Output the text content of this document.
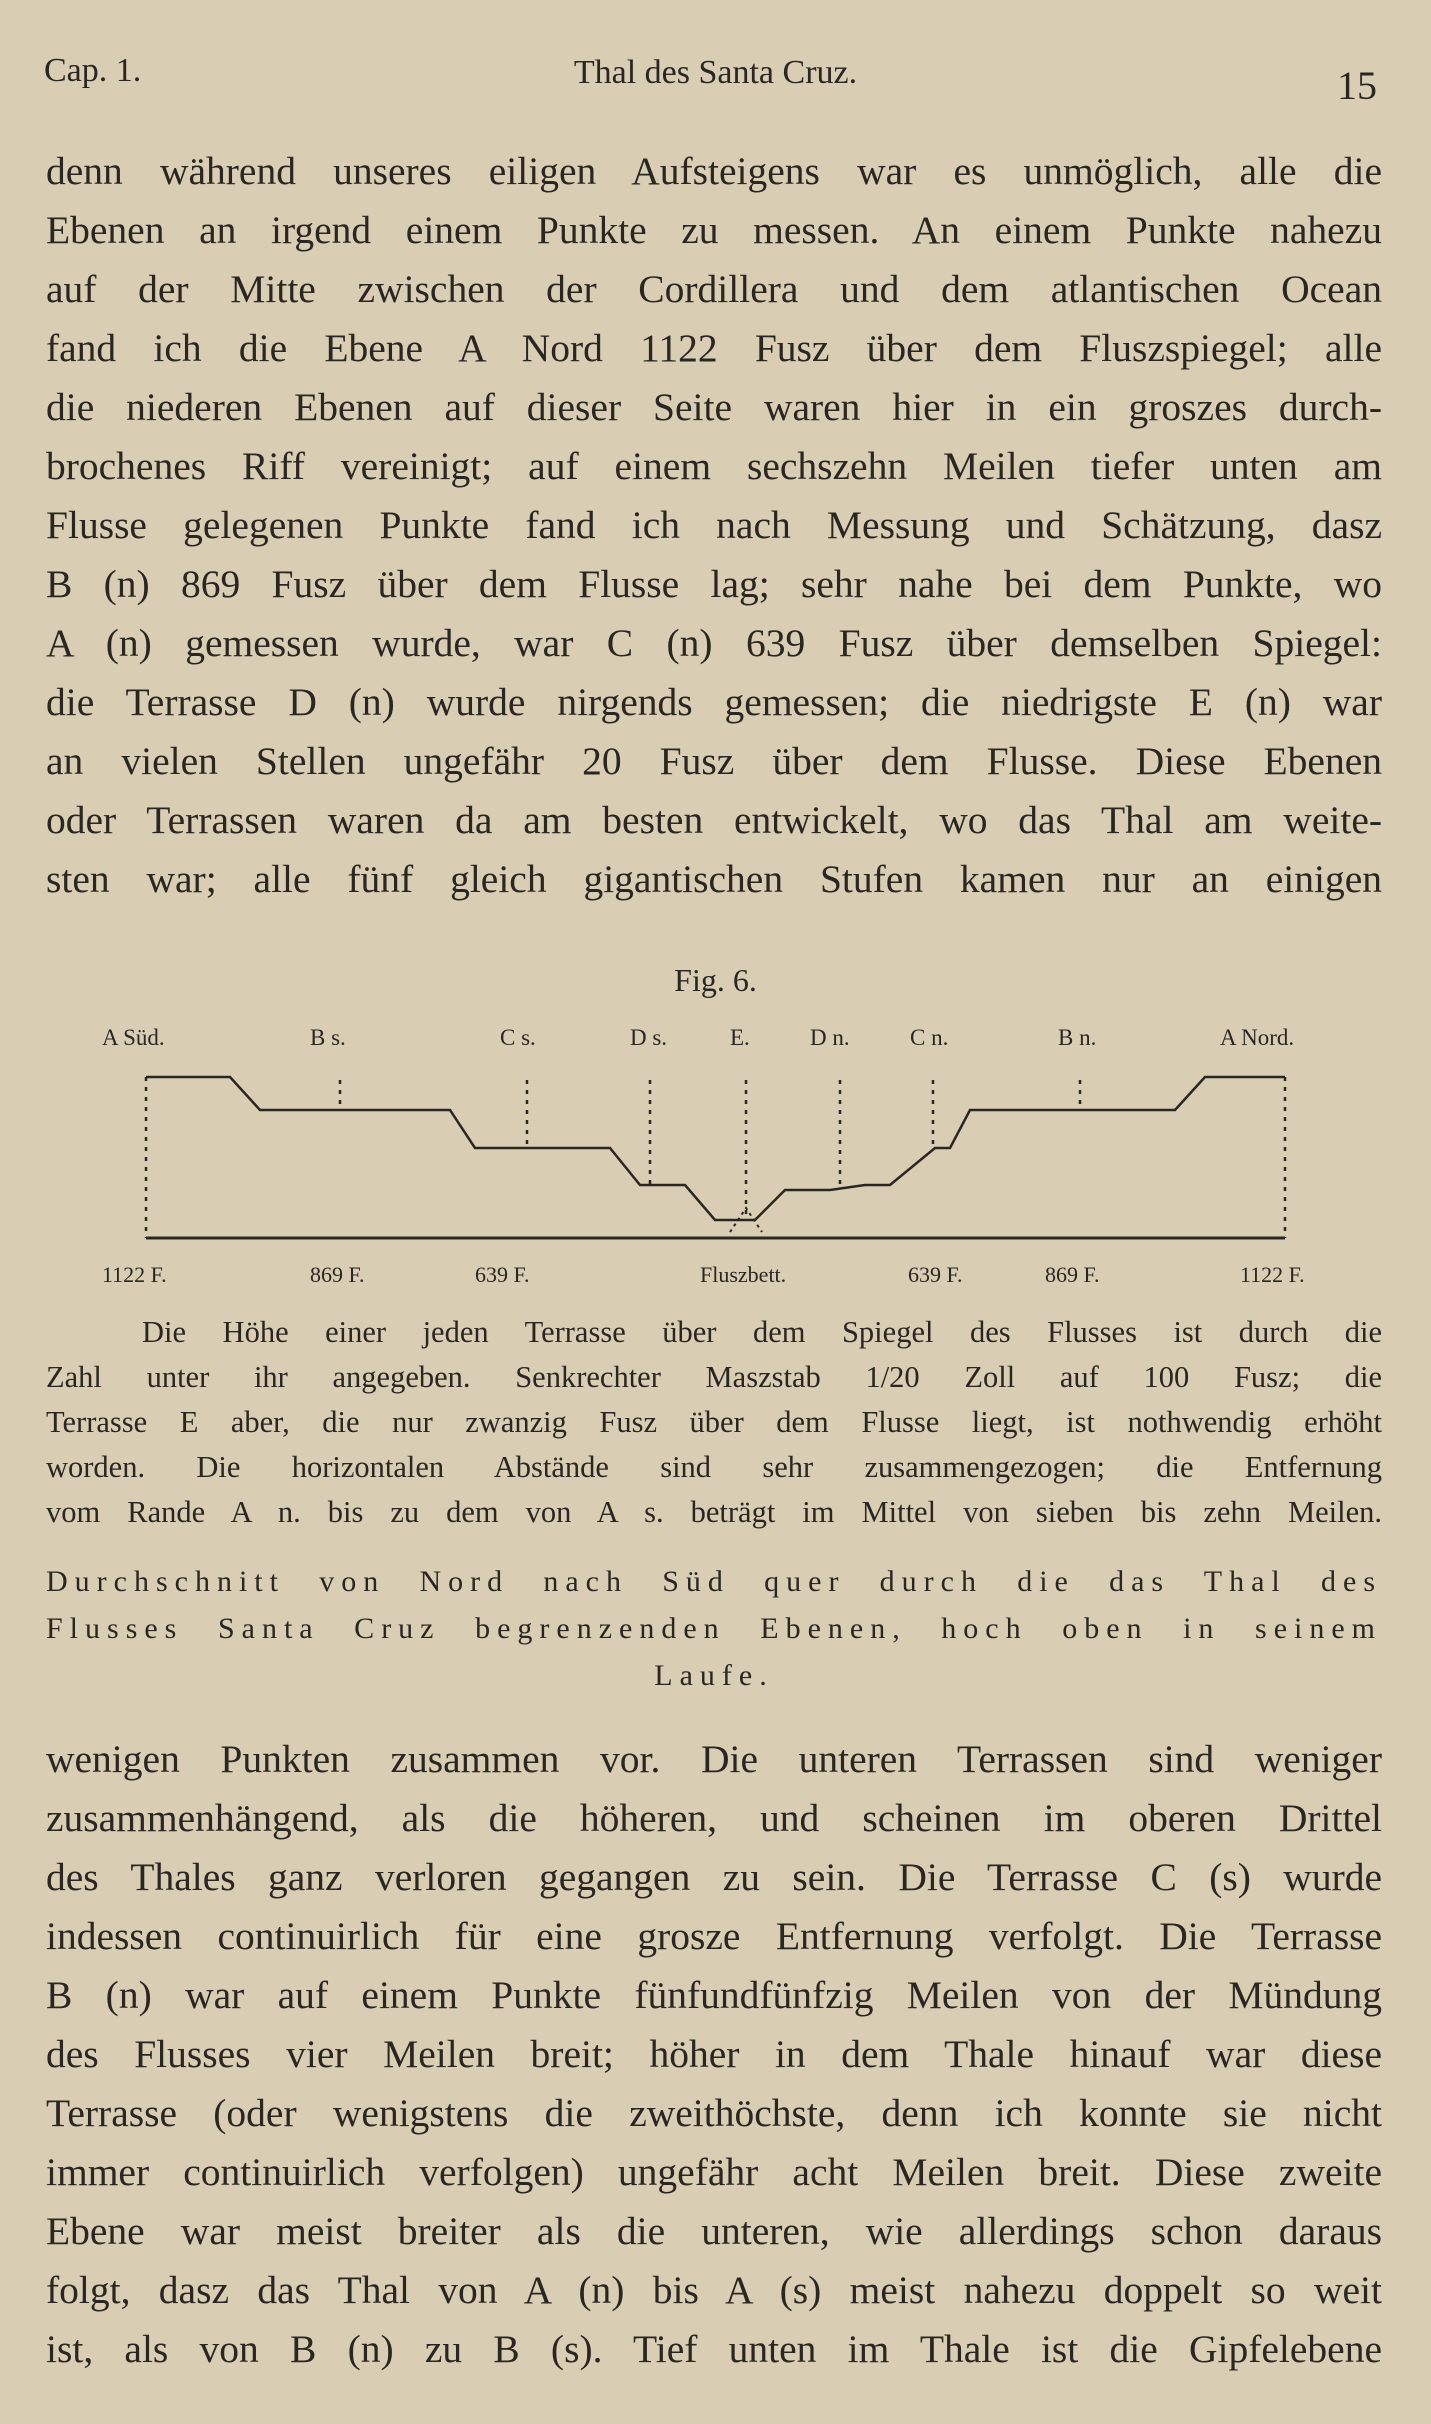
Cap. 1.	Thal des Santa Cruz.	15
denn während unseres eiligen Aufsteigens war es unmöglich, alle die
Ebenen an irgend einem Punkte zu messen. An einem Punkte nahezu
auf der Mitte zwischen der Cordillera und dem atlantischen Ocean
fand ich die Ebene A Nord 1122 Fusz über dem Fluszspiegel; alle
die niederen Ebenen auf dieser Seite waren hier in ein groszes durch-
brochenes Riff vereinigt; auf einem sechszehn Meilen tiefer unten am
Flusse gelegenen Punkte fand ich nach Messung und Schätzung, dasz
B (n) 869 Fusz über dem Flusse lag; sehr nahe bei dem Punkte, wo
A (n) gemessen wurde, war C (n) 639 Fusz über demselben Spiegel:
die Terrasse D (n) wurde nirgends gemessen; die niedrigste E (n) war
an vielen Stellen ungefähr 20 Fusz über dem Flusse. Diese Ebenen
oder Terrassen waren da am besten entwickelt, wo das Thal am weite-
sten war; alle fünf gleich gigantischen Stufen kamen nur an einigen
Fig. 6.
A Süd.	B s.	C s.	D s.	E.	D n.	C n.	B n.	A Nord.
1122 F.	869 F.	639 F.	Fluszbett.	639 F.	869 F.	1122 F.
Die Höhe einer jeden Terrasse über dem Spiegel des Flusses ist durch die
Zahl unter ihr angegeben. Senkrechter Maszstab 1/20 Zoll auf 100 Fusz; die
Terrasse E aber, die nur zwanzig Fusz über dem Flusse liegt, ist nothwendig erhöht
worden. Die horizontalen Abstände sind sehr zusammengezogen; die Entfernung
vom Rande A n. bis zu dem von A s. beträgt im Mittel von sieben bis zehn Meilen.
Durchschnitt von Nord nach Süd quer durch die das Thal des
Flusses Santa Cruz begrenzenden Ebenen, hoch oben in seinem
Laufe.
wenigen Punkten zusammen vor. Die unteren Terrassen sind weniger
zusammenhängend, als die höheren, und scheinen im oberen Drittel
des Thales ganz verloren gegangen zu sein. Die Terrasse C (s) wurde
indessen continuirlich für eine grosze Entfernung verfolgt. Die Terrasse
B (n) war auf einem Punkte fünfundfünfzig Meilen von der Mündung
des Flusses vier Meilen breit; höher in dem Thale hinauf war diese
Terrasse (oder wenigstens die zweithöchste, denn ich konnte sie nicht
immer continuirlich verfolgen) ungefähr acht Meilen breit. Diese zweite
Ebene war meist breiter als die unteren, wie allerdings schon daraus
folgt, dasz das Thal von A (n) bis A (s) meist nahezu doppelt so weit
ist, als von B (n) zu B (s). Tief unten im Thale ist die Gipfelebene
